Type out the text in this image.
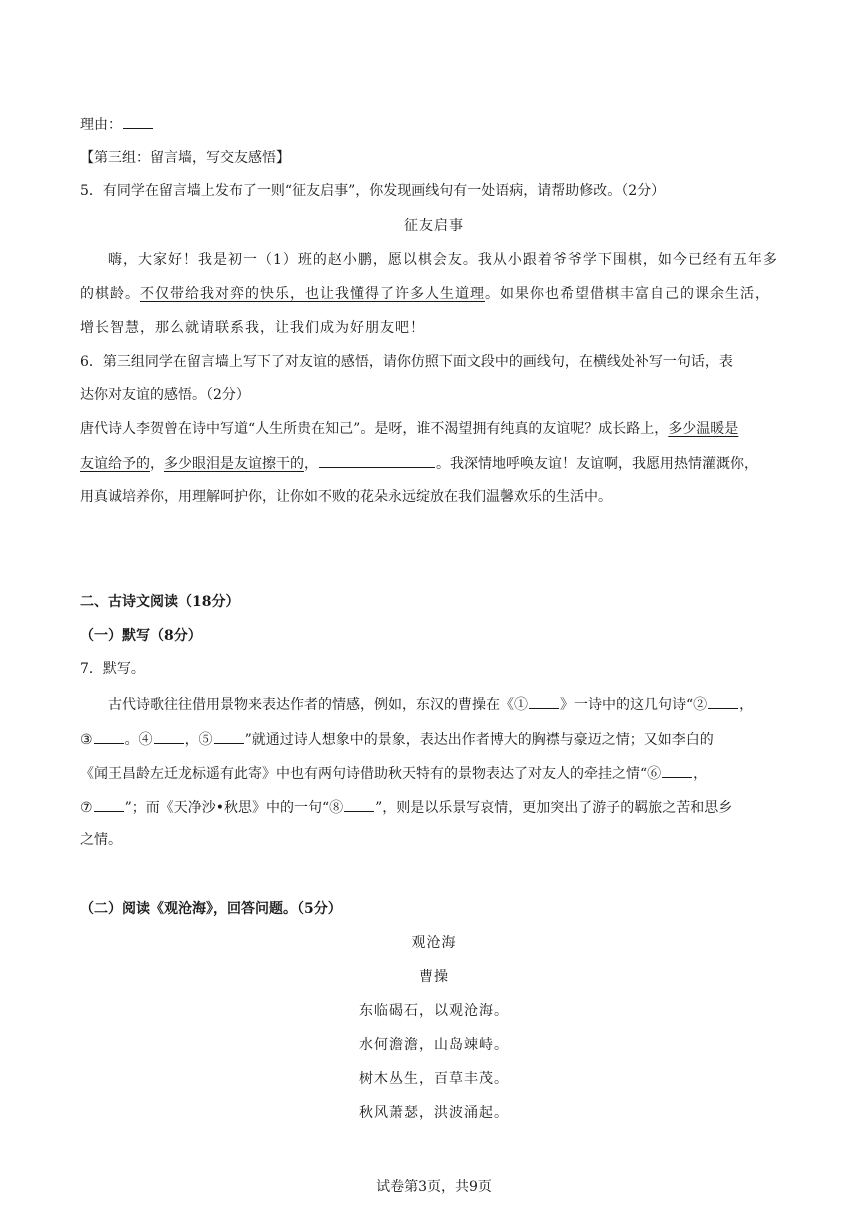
理由：
【第三组：留言墙，写交友感悟】
5．有同学在留言墙上发布了一则“征友启事”，你发现画线句有一处语病，请帮助修改。（2分）
征友启事
嗨，大家好！我是初一（1）班的赵小鹏，愿以棋会友。我从小跟着爷爷学下围棋，如今已经有五年多
的棋龄。不仅带给我对弈的快乐，也让我懂得了许多人生道理。如果你也希望借棋丰富自己的课余生活，
增长智慧，那么就请联系我，让我们成为好朋友吧！
6．第三组同学在留言墙上写下了对友谊的感悟，请你仿照下面文段中的画线句，在横线处补写一句话，表
达你对友谊的感悟。（2分）
唐代诗人李贺曾在诗中写道“人生所贵在知己”。是呀，谁不渴望拥有纯真的友谊呢？成长路上，多少温暖是
友谊给予的，多少眼泪是友谊擦干的，	。我深情地呼唤友谊！友谊啊，我愿用热情灌溉你，
用真诚培养你，用理解呵护你，让你如不败的花朵永远绽放在我们温馨欢乐的生活中。
二、古诗文阅读（18分）
（一）默写（8分）
7．默写。
古代诗歌往往借用景物来表达作者的情感，例如，东汉的曹操在《① 》一诗中的这几句诗“② ，
③ 。④ ，⑤ ”就通过诗人想象中的景象，表达出作者博大的胸襟与豪迈之情；又如李白的
《闻王昌龄左迁龙标遥有此寄》中也有两句诗借助秋天特有的景物表达了对友人的牵挂之情“⑥ ，
⑦ ”；而《天净沙•秋思》中的一句“⑧ ”，则是以乐景写哀情，更加突出了游子的羁旅之苦和思乡
之情。
（二）阅读《观沧海》，回答问题。（5分）
观沧海
曹操
东临碣石，以观沧海。
水何澹澹，山岛竦峙。
树木丛生，百草丰茂。
秋风萧瑟，洪波涌起。
试卷第3页，共9页
